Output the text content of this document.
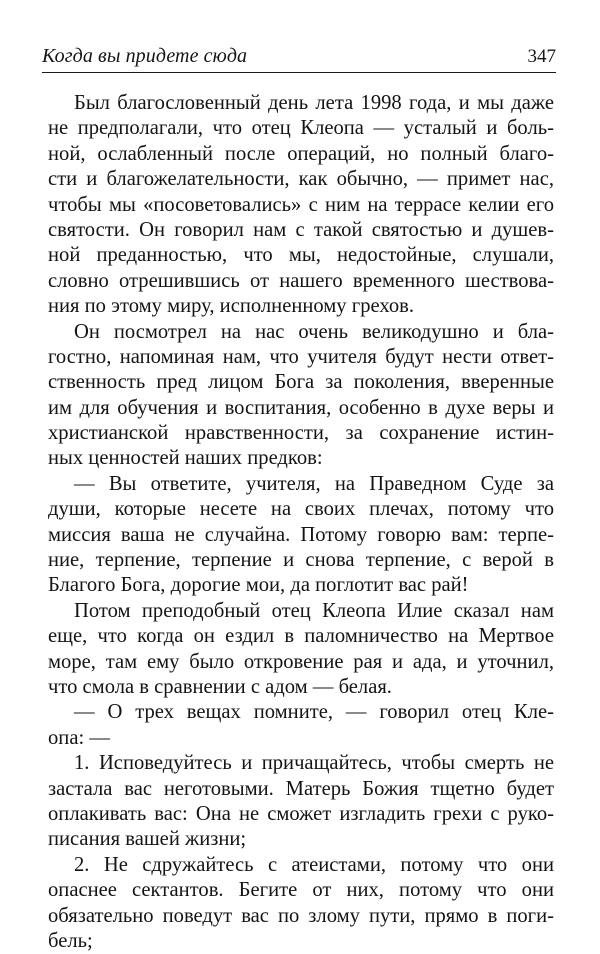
Когда вы придете сюда	347
Был благословенный день лета 1998 года, и мы даже
не предполагали, что отец Клеопа — усталый и боль-
ной, ослабленный после операций, но полный благо-
сти и благожелательности, как обычно, — примет нас,
чтобы мы «посоветовались» с ним на террасе келии его
святости. Он говорил нам с такой святостью и душев-
ной преданностью, что мы, недостойные, слушали,
словно отрешившись от нашего временного шествова-
ния по этому миру, исполненному грехов.
Он посмотрел на нас очень великодушно и бла-
гостно, напоминая нам, что учителя будут нести ответ-
ственность пред лицом Бога за поколения, вверенные
им для обучения и воспитания, особенно в духе веры и
христианской нравственности, за сохранение истин-
ных ценностей наших предков:
— Вы ответите, учителя, на Праведном Суде за
души, которые несете на своих плечах, потому что
миссия ваша не случайна. Потому говорю вам: терпе-
ние, терпение, терпение и снова терпение, с верой в
Благого Бога, дорогие мои, да поглотит вас рай!
Потом преподобный отец Клеопа Илие сказал нам
еще, что когда он ездил в паломничество на Мертвое
море, там ему было откровение рая и ада, и уточнил,
что смола в сравнении с адом — белая.
— О трех вещах помните, — говорил отец Кле-
опа: —
1. Исповедуйтесь и причащайтесь, чтобы смерть не
застала вас неготовыми. Матерь Божия тщетно будет
оплакивать вас: Она не сможет изгладить грехи с руко-
писания вашей жизни;
2. Не сдружайтесь с атеистами, потому что они
опаснее сектантов. Бегите от них, потому что они
обязательно поведут вас по злому пути, прямо в поги-
бель;
